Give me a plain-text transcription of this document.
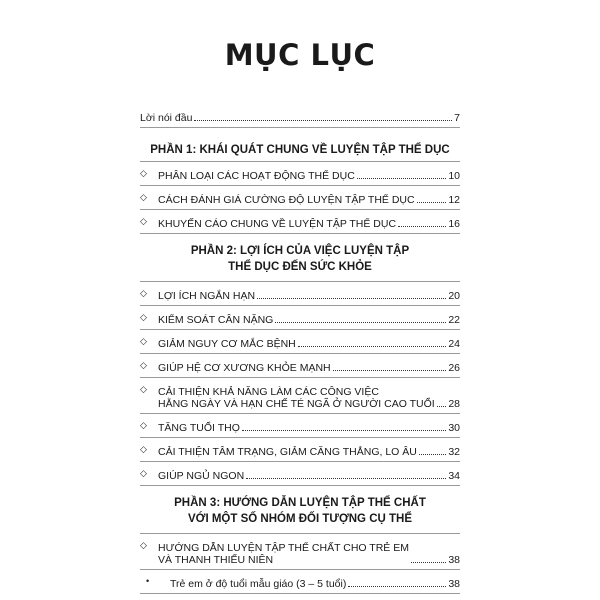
MỤC LỤC
Lời nói đầu	7
PHẦN 1: KHÁI QUÁT CHUNG VỀ LUYỆN TẬP THỂ DỤC
◇	PHÂN LOẠI CÁC HOẠT ĐỘNG THỂ DỤC	10
◇	CÁCH ĐÁNH GIÁ CƯỜNG ĐỘ LUYỆN TẬP THỂ DỤC	12
◇	KHUYẾN CÁO CHUNG VỀ LUYỆN TẬP THỂ DỤC	16
PHẦN 2: LỢI ÍCH CỦA VIỆC LUYỆN TẬP
THỂ DỤC ĐẾN SỨC KHỎE
◇	LỢI ÍCH NGẮN HẠN	20
◇	KIỂM SOÁT CÂN NẶNG	22
◇	GIẢM NGUY CƠ MẮC BỆNH	24
◇	GIÚP HỆ CƠ XƯƠNG KHỎE MẠNH	26
◇	CẢI THIỆN KHẢ NĂNG LÀM CÁC CÔNG VIỆC
HẰNG NGÀY VÀ HẠN CHẾ TÉ NGÃ Ở NGƯỜI CAO TUỔI 28
◇	TĂNG TUỔI THỌ	30
◇	CẢI THIỆN TÂM TRẠNG, GIẢM CĂNG THẲNG, LO ÂU	32
◇	GIÚP NGỦ NGON	34
PHẦN 3: HƯỚNG DẪN LUYỆN TẬP THỂ CHẤT
VỚI MỘT SỐ NHÓM ĐỐI TƯỢNG CỤ THỂ
◇	HƯỚNG DẪN LUYỆN TẬP THỂ CHẤT CHO TRẺ EM
VÀ THANH THIẾU NIÊN	38
•	Trẻ em ở độ tuổi mẫu giáo (3 – 5 tuổi)	38
